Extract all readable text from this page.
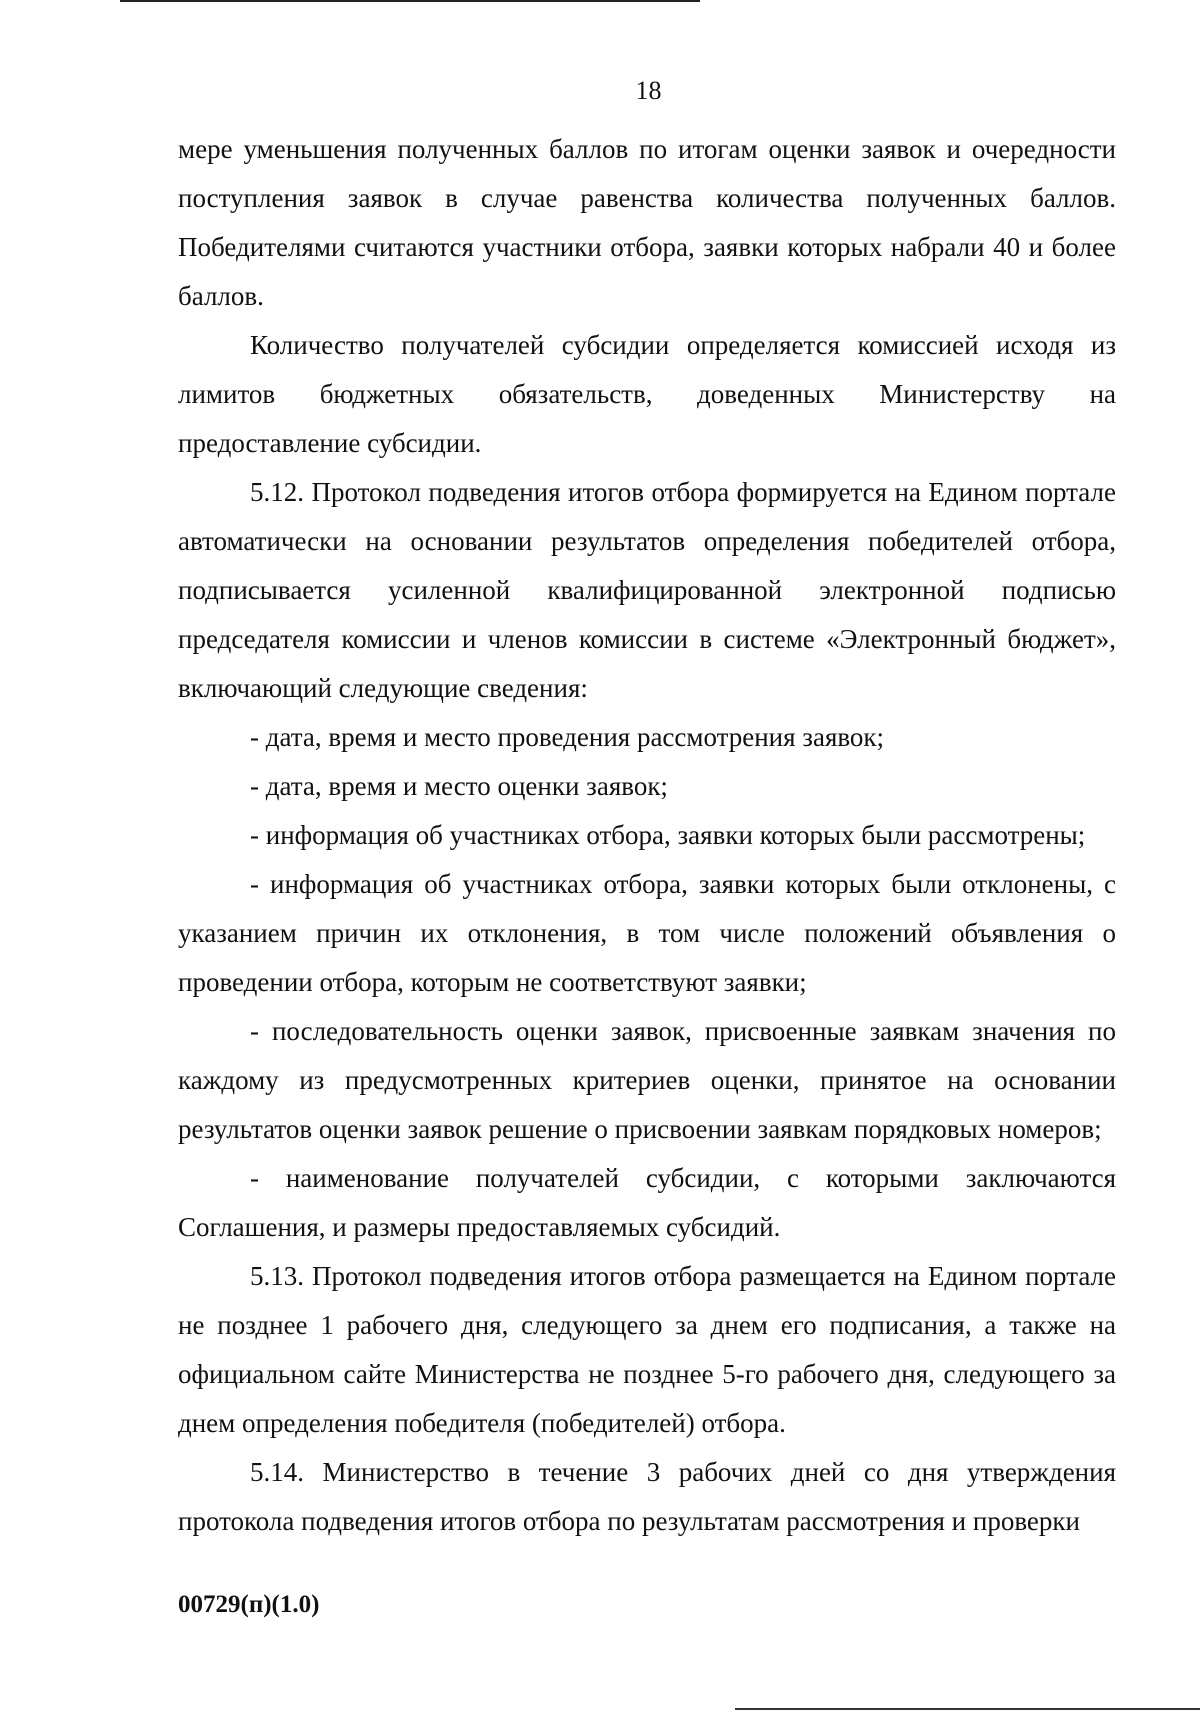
18

мере уменьшения полученных баллов по итогам оценки заявок и очередности поступления заявок в случае равенства количества полученных баллов. Победителями считаются участники отбора, заявки которых набрали 40 и более баллов.

Количество получателей субсидии определяется комиссией исходя из лимитов бюджетных обязательств, доведенных Министерству на предоставление субсидии.

5.12. Протокол подведения итогов отбора формируется на Едином портале автоматически на основании результатов определения победителей отбора, подписывается усиленной квалифицированной электронной подписью председателя комиссии и членов комиссии в системе «Электронный бюджет», включающий следующие сведения:

- дата, время и место проведения рассмотрения заявок;

- дата, время и место оценки заявок;

- информация об участниках отбора, заявки которых были рассмотрены;

- информация об участниках отбора, заявки которых были отклонены, с указанием причин их отклонения, в том числе положений объявления о проведении отбора, которым не соответствуют заявки;

- последовательность оценки заявок, присвоенные заявкам значения по каждому из предусмотренных критериев оценки, принятое на основании результатов оценки заявок решение о присвоении заявкам порядковых номеров;

- наименование получателей субсидии, с которыми заключаются Соглашения, и размеры предоставляемых субсидий.

5.13. Протокол подведения итогов отбора размещается на Едином портале не позднее 1 рабочего дня, следующего за днем его подписания, а также на официальном сайте Министерства не позднее 5-го рабочего дня, следующего за днем определения победителя (победителей) отбора.

5.14. Министерство в течение 3 рабочих дней со дня утверждения протокола подведения итогов отбора по результатам рассмотрения и проверки

00729(п)(1.0)
